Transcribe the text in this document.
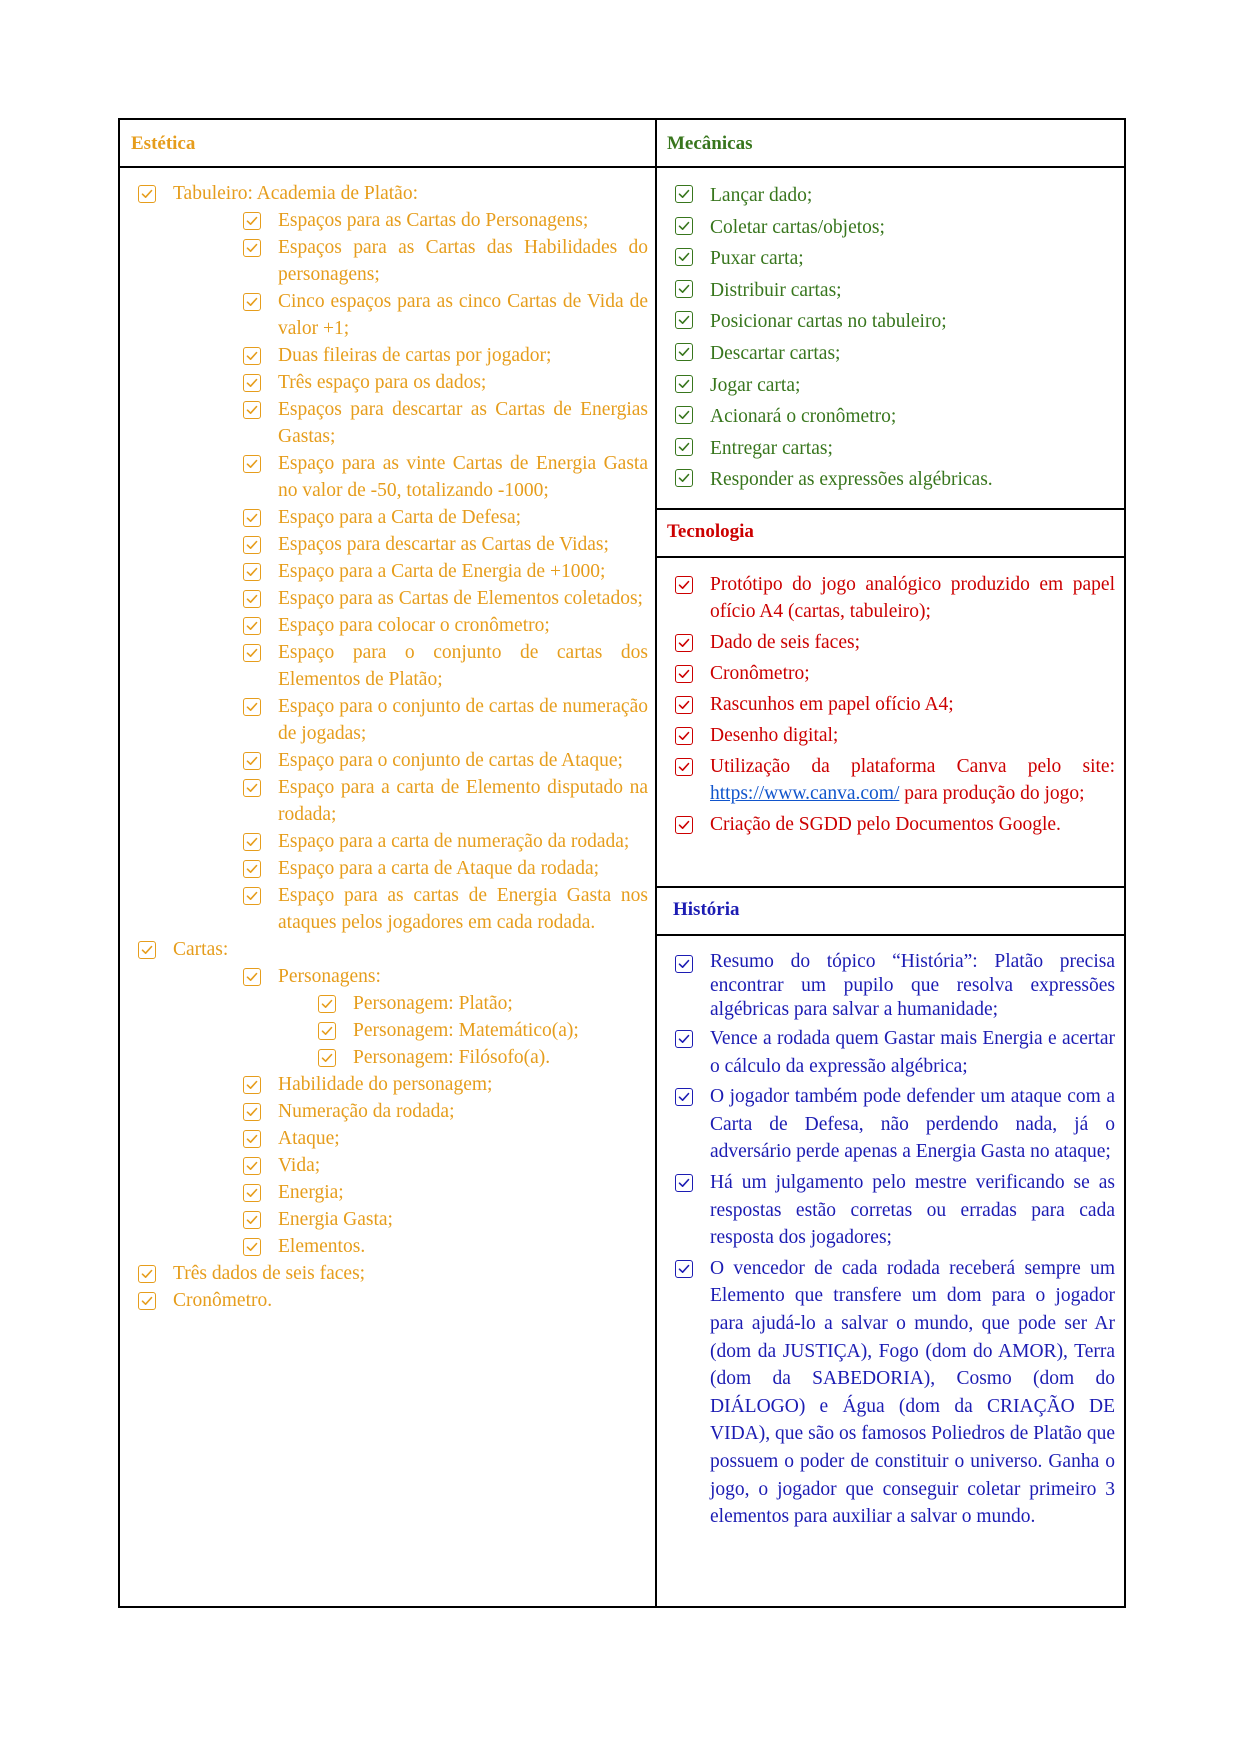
Estética	Mecânicas
Tecnologia
História
Tabuleiro: Academia de Platão:
Espaços para as Cartas do Personagens;
Espaços para as Cartas das Habilidades do personagens;
Cinco espaços para as cinco Cartas de Vida de valor +1;
Duas fileiras de cartas por jogador;
Três espaço para os dados;
Espaços para descartar as Cartas de Energias Gastas;
Espaço para as vinte Cartas de Energia Gasta no valor de -50, totalizando -1000;
Espaço para a Carta de Defesa;
Espaços para descartar as Cartas de Vidas;
Espaço para a Carta de Energia de +1000;
Espaço para as Cartas de Elementos coletados;
Espaço para colocar o cronômetro;
Espaço para o conjunto de cartas dos Elementos de Platão;
Espaço para o conjunto de cartas de numeração de jogadas;
Espaço para o conjunto de cartas de Ataque;
Espaço para a carta de Elemento disputado na rodada;
Espaço para a carta de numeração da rodada;
Espaço para a carta de Ataque da rodada;
Espaço para as cartas de Energia Gasta nos ataques pelos jogadores em cada rodada.
Cartas:
Personagens:
Personagem: Platão;
Personagem: Matemático(a);
Personagem: Filósofo(a).
Habilidade do personagem;
Numeração da rodada;
Ataque;
Vida;
Energia;
Energia Gasta;
Elementos.
Três dados de seis faces;
Cronômetro.
Lançar dado;
Coletar cartas/objetos;
Puxar carta;
Distribuir cartas;
Posicionar cartas no tabuleiro;
Descartar cartas;
Jogar carta;
Acionará o cronômetro;
Entregar cartas;
Responder as expressões algébricas.
Protótipo do jogo analógico produzido em papel ofício A4 (cartas, tabuleiro);
Dado de seis faces;
Cronômetro;
Rascunhos em papel ofício A4;
Desenho digital;
Utilização da plataforma Canva pelo site: https://www.canva.com/ para produção do jogo;
Criação de SGDD pelo Documentos Google.
Resumo do tópico “História”: Platão precisa encontrar um pupilo que resolva expressões algébricas para salvar a humanidade;
Vence a rodada quem Gastar mais Energia e acertar o cálculo da expressão algébrica;
O jogador também pode defender um ataque com a Carta de Defesa, não perdendo nada, já o adversário perde apenas a Energia Gasta no ataque;
Há um julgamento pelo mestre verificando se as respostas estão corretas ou erradas para cada resposta dos jogadores;
O vencedor de cada rodada receberá sempre um Elemento que transfere um dom para o jogador para ajudá-lo a salvar o mundo, que pode ser Ar (dom da JUSTIÇA), Fogo (dom do AMOR), Terra (dom da SABEDORIA), Cosmo (dom do DIÁLOGO) e Água (dom da CRIAÇÃO DE VIDA), que são os famosos Poliedros de Platão que possuem o poder de constituir o universo. Ganha o jogo, o jogador que conseguir coletar primeiro 3 elementos para auxiliar a salvar o mundo.
